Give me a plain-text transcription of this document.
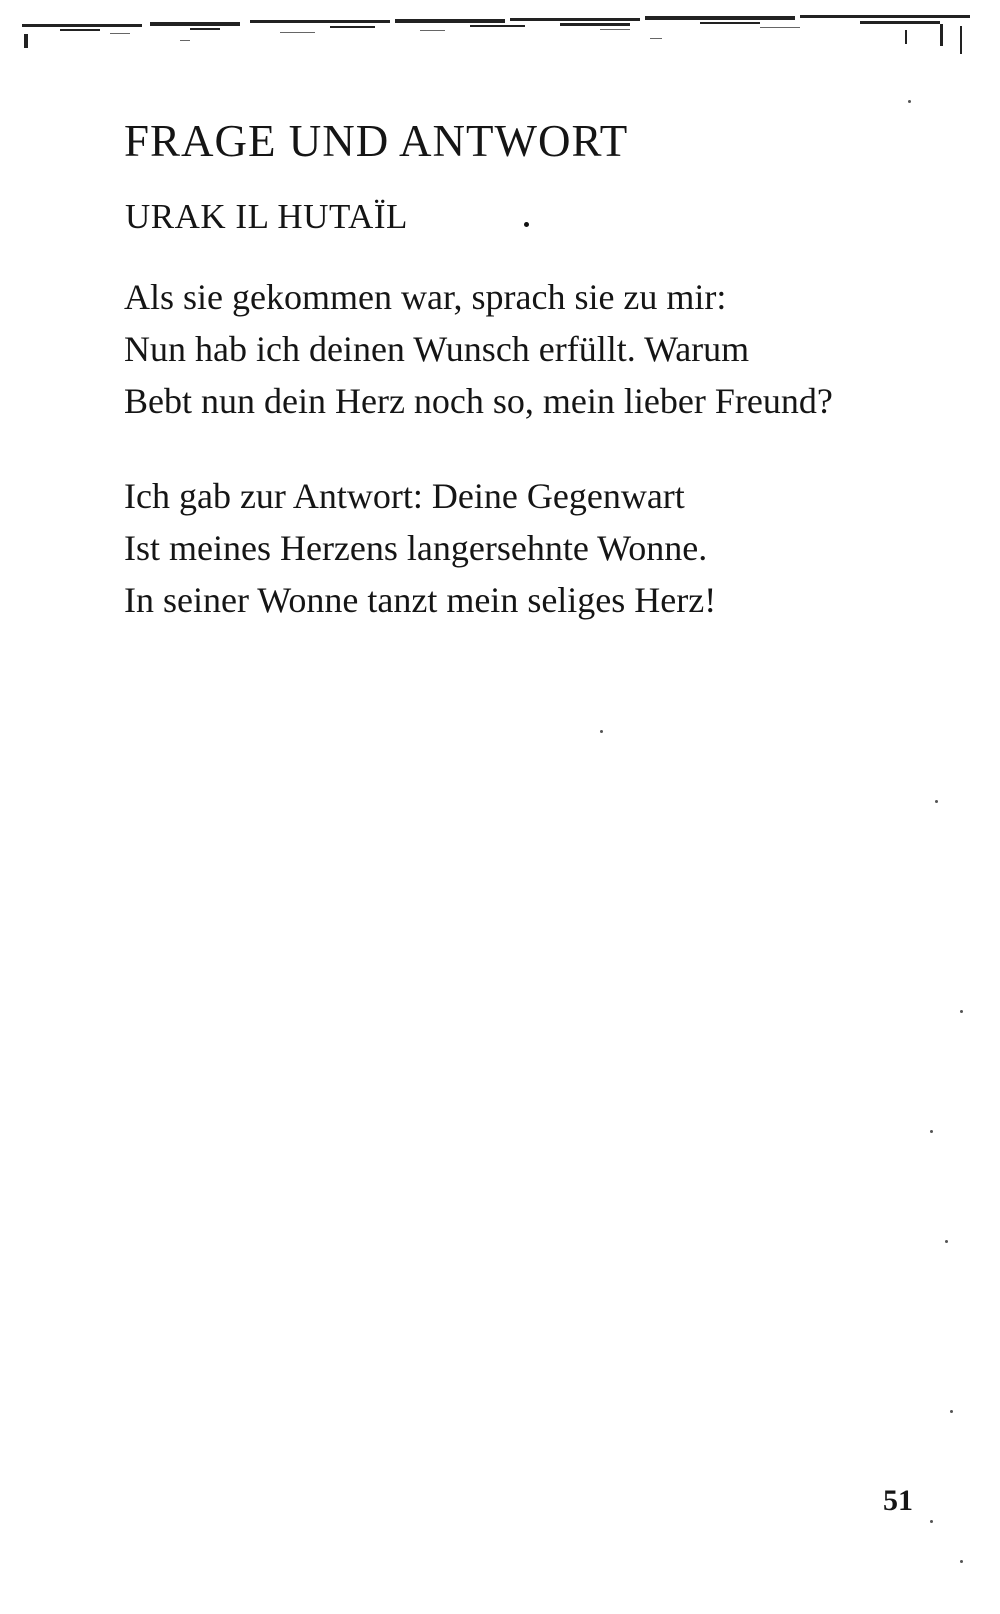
FRAGE UND ANTWORT
URAK IL HUTAÏL
Als sie gekommen war, sprach sie zu mir:
Nun hab ich deinen Wunsch erfüllt. Warum
Bebt nun dein Herz noch so, mein lieber Freund?
Ich gab zur Antwort: Deine Gegenwart
Ist meines Herzens langersehnte Wonne.
In seiner Wonne tanzt mein seliges Herz!
51
